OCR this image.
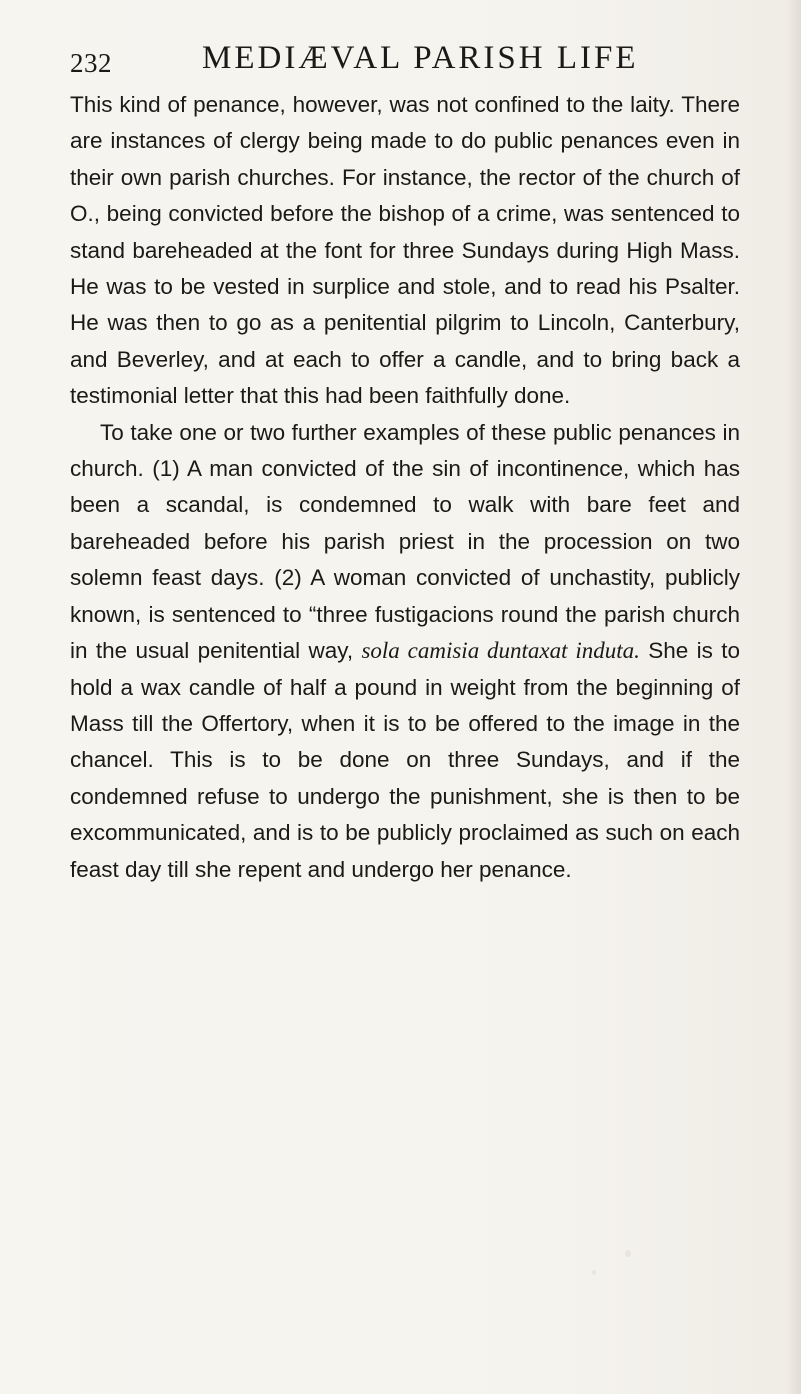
232	MEDIÆVAL PARISH LIFE

This kind of penance, however, was not confined to the laity. There are instances of clergy being made to do public penances even in their own parish churches. For instance, the rector of the church of O., being convicted before the bishop of a crime, was sentenced to stand bareheaded at the font for three Sundays during High Mass. He was to be vested in surplice and stole, and to read his Psalter. He was then to go as a penitential pilgrim to Lincoln, Canterbury, and Beverley, and at each to offer a candle, and to bring back a testimonial letter that this had been faithfully done.

To take one or two further examples of these public penances in church. (1) A man convicted of the sin of incontinence, which has been a scandal, is condemned to walk with bare feet and bareheaded before his parish priest in the procession on two solemn feast days. (2) A woman convicted of unchastity, publicly known, is sentenced to “three fustigacions round the parish church in the usual penitential way, sola camisia duntaxat induta. She is to hold a wax candle of half a pound in weight from the beginning of Mass till the Offertory, when it is to be offered to the image in the chancel. This is to be done on three Sundays, and if the condemned refuse to undergo the punishment, she is then to be excommunicated, and is to be publicly proclaimed as such on each feast day till she repent and undergo her penance.
